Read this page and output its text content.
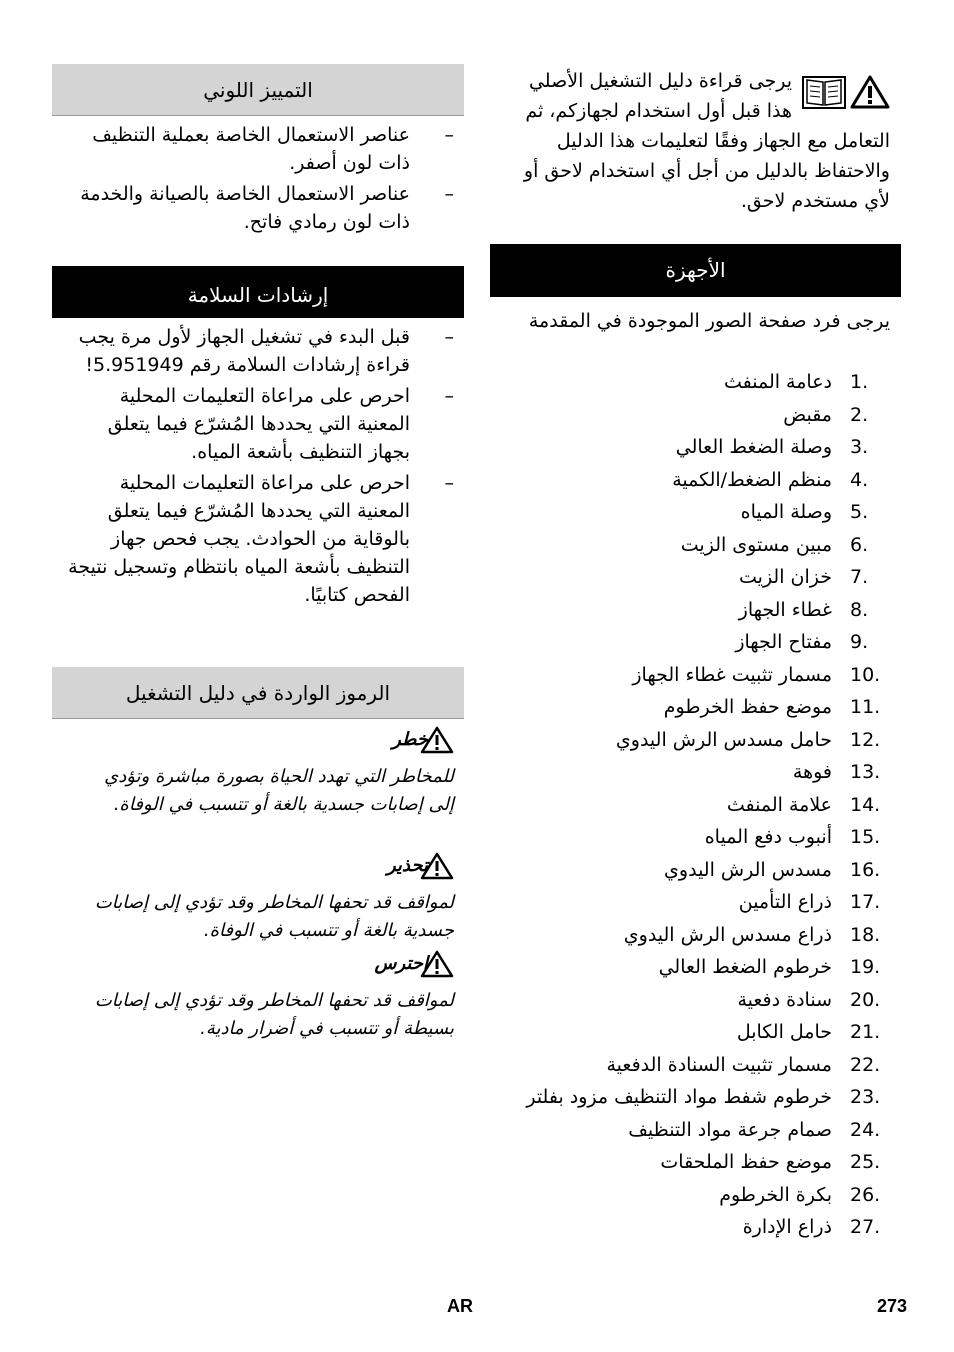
يرجى قراءة دليل التشغيل الأصلي هذا قبل أول استخدام لجهازكم، ثم التعامل مع الجهاز وفقًا لتعليمات هذا الدليل والاحتفاظ بالدليل من أجل أي استخدام لاحق أو لأي مستخدم لاحق.
الأجهزة
يرجى فرد صفحة الصور الموجودة في المقدمة
1.
دعامة المنفث
2.
مقبض
3.
وصلة الضغط العالي
4.
منظم الضغط/الكمية
5.
وصلة المياه
6.
مبين مستوى الزيت
7.
خزان الزيت
8.
غطاء الجهاز
9.
مفتاح الجهاز
10.
مسمار تثبيت غطاء الجهاز
11.
موضع حفظ الخرطوم
12.
حامل مسدس الرش اليدوي
13.
فوهة
14.
علامة المنفث
15.
أنبوب دفع المياه
16.
مسدس الرش اليدوي
17.
ذراع التأمين
18.
ذراع مسدس الرش اليدوي
19.
خرطوم الضغط العالي
20.
سنادة دفعية
21.
حامل الكابل
22.
مسمار تثبيت السنادة الدفعية
23.
خرطوم شفط مواد التنظيف مزود بفلتر
24.
صمام جرعة مواد التنظيف
25.
موضع حفظ الملحقات
26.
بكرة الخرطوم
27.
ذراع الإدارة
التمييز اللوني
–
عناصر الاستعمال الخاصة بعملية التنظيف ذات لون أصفر.
–
عناصر الاستعمال الخاصة بالصيانة والخدمة ذات لون رمادي فاتح.
إرشادات السلامة
–
قبل البدء في تشغيل الجهاز لأول مرة يجب قراءة إرشادات السلامة رقم 5.951949!
–
احرص على مراعاة التعليمات المحلية المعنية التي يحددها المُشرّع فيما يتعلق بجهاز التنظيف بأشعة المياه.
–
احرص على مراعاة التعليمات المحلية المعنية التي يحددها المُشرّع فيما يتعلق بالوقاية من الحوادث. يجب فحص جهاز التنظيف بأشعة المياه بانتظام وتسجيل نتيجة الفحص كتابيًا.
الرموز الواردة في دليل التشغيل
خطر
للمخاطر التي تهدد الحياة بصورة مباشرة وتؤدي إلى إصابات جسدية بالغة أو تتسبب في الوفاة.
تحذير
لمواقف قد تحفها المخاطر وقد تؤدي إلى إصابات جسدية بالغة أو تتسبب في الوفاة.
احترس
لمواقف قد تحفها المخاطر وقد تؤدي إلى إصابات بسيطة أو تتسبب في أضرار مادية.
AR	273
